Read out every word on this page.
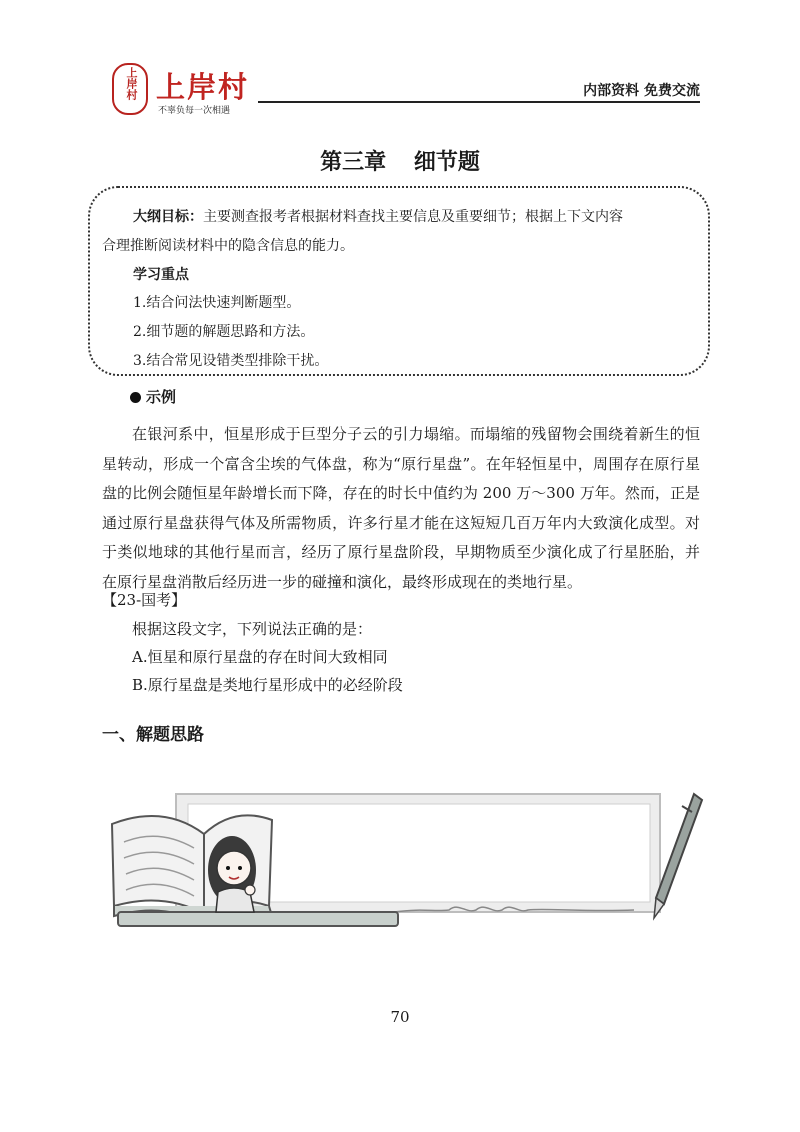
上岸村 上岸村
不辜负每一次相遇
内部资料 免费交流
第三章 细节题
大纲目标：主要测查报考者根据材料查找主要信息及重要细节；根据上下文内容
合理推断阅读材料中的隐含信息的能力。
学习重点
1.结合问法快速判断题型。
2.细节题的解题思路和方法。
3.结合常见设错类型排除干扰。
示例

在银河系中，恒星形成于巨型分子云的引力塌缩。而塌缩的残留物会围绕着新生的恒星转动，形成一个富含尘埃的气体盘，称为“原行星盘”。在年轻恒星中，周围存在原行星盘的比例会随恒星年龄增长而下降，存在的时长中值约为 200 万～300 万年。然而，正是通过原行星盘获得气体及所需物质，许多行星才能在这短短几百万年内大致演化成型。对于类似地球的其他行星而言，经历了原行星盘阶段，早期物质至少演化成了行星胚胎，并在原行星盘消散后经历进一步的碰撞和演化，最终形成现在的类地行星。

【23-国考】
根据这段文字，下列说法正确的是：
A.恒星和原行星盘的存在时间大致相同
B.原行星盘是类地行星形成中的必经阶段
一、解题思路
70
